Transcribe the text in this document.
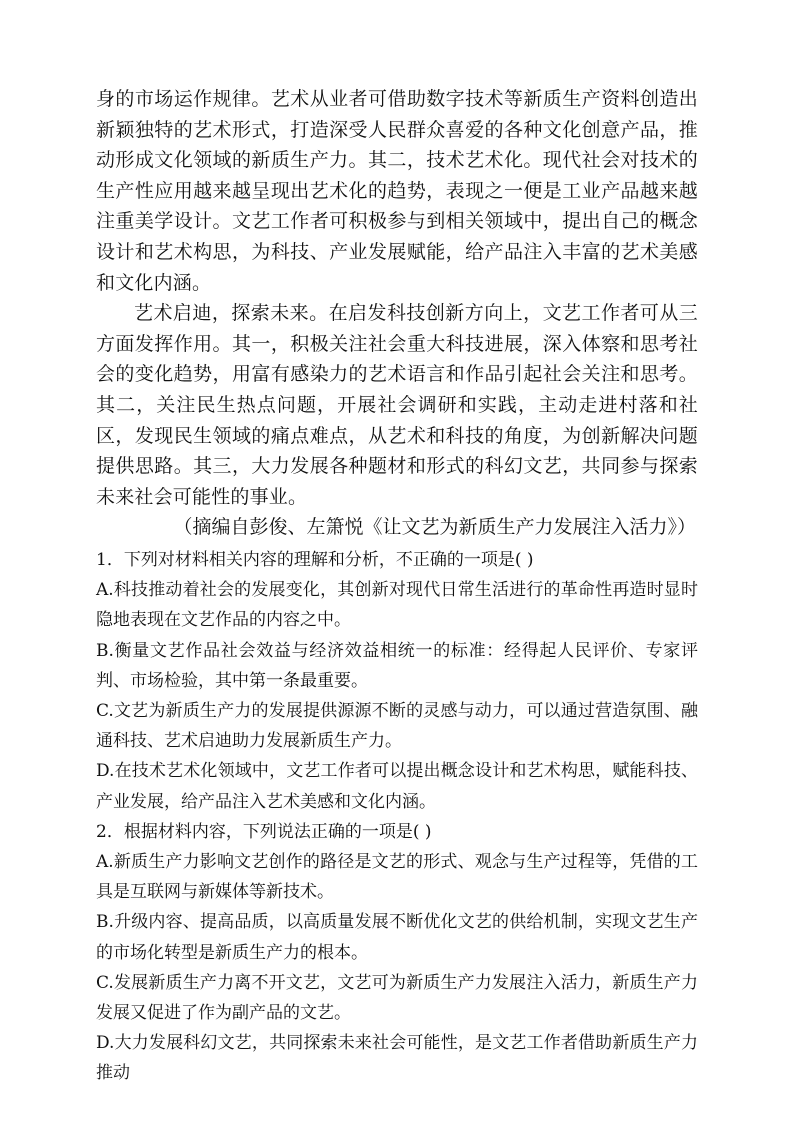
身的市场运作规律。艺术从业者可借助数字技术等新质生产资料创造出新颖独特的艺术形式，打造深受人民群众喜爱的各种文化创意产品，推动形成文化领域的新质生产力。其二，技术艺术化。现代社会对技术的生产性应用越来越呈现出艺术化的趋势，表现之一便是工业产品越来越注重美学设计。文艺工作者可积极参与到相关领域中，提出自己的概念设计和艺术构思，为科技、产业发展赋能，给产品注入丰富的艺术美感和文化内涵。

艺术启迪，探索未来。在启发科技创新方向上，文艺工作者可从三方面发挥作用。其一，积极关注社会重大科技进展，深入体察和思考社会的变化趋势，用富有感染力的艺术语言和作品引起社会关注和思考。其二，关注民生热点问题，开展社会调研和实践，主动走进村落和社区，发现民生领域的痛点难点，从艺术和科技的角度，为创新解决问题提供思路。其三，大力发展各种题材和形式的科幻文艺，共同参与探索未来社会可能性的事业。

（摘编自彭俊、左箫悦《让文艺为新质生产力发展注入活力》）

1．下列对材料相关内容的理解和分析，不正确的一项是( )

A.科技推动着社会的发展变化，其创新对现代日常生活进行的革命性再造时显时隐地表现在文艺作品的内容之中。

B.衡量文艺作品社会效益与经济效益相统一的标准：经得起人民评价、专家评判、市场检验，其中第一条最重要。

C.文艺为新质生产力的发展提供源源不断的灵感与动力，可以通过营造氛围、融通科技、艺术启迪助力发展新质生产力。

D.在技术艺术化领域中，文艺工作者可以提出概念设计和艺术构思，赋能科技、产业发展，给产品注入艺术美感和文化内涵。

2．根据材料内容，下列说法正确的一项是( )

A.新质生产力影响文艺创作的路径是文艺的形式、观念与生产过程等，凭借的工具是互联网与新媒体等新技术。

B.升级内容、提高品质，以高质量发展不断优化文艺的供给机制，实现文艺生产的市场化转型是新质生产力的根本。

C.发展新质生产力离不开文艺，文艺可为新质生产力发展注入活力，新质生产力发展又促进了作为副产品的文艺。

D.大力发展科幻文艺，共同探索未来社会可能性，是文艺工作者借助新质生产力推动
